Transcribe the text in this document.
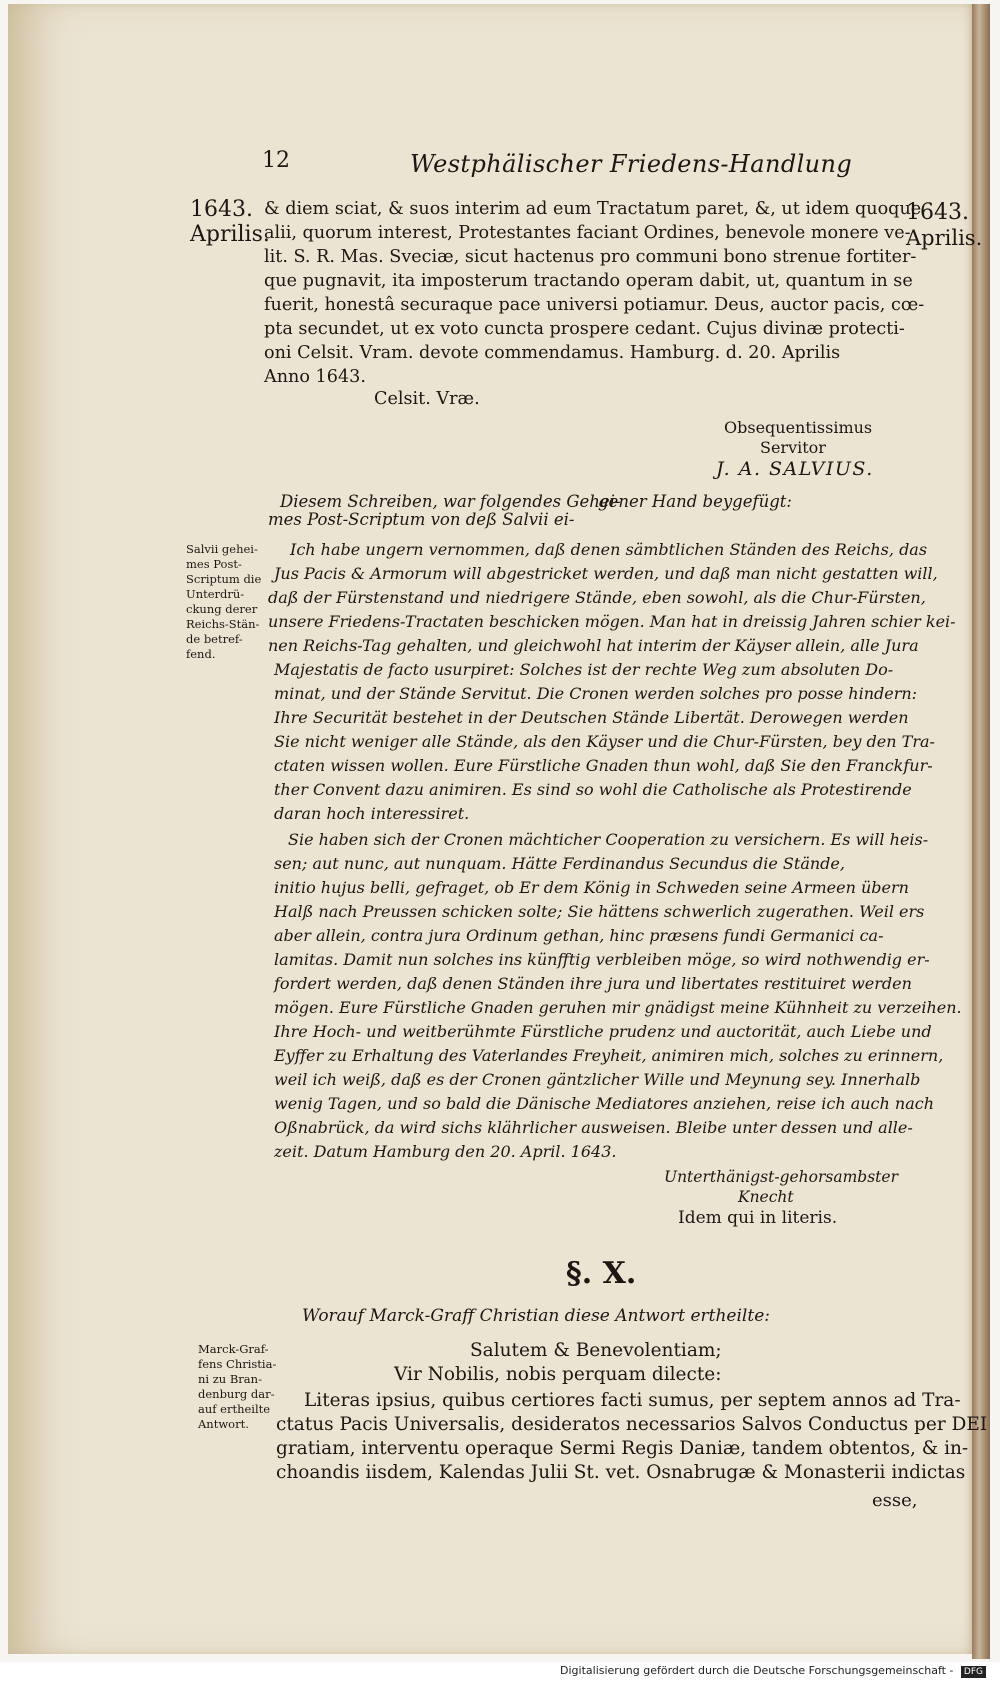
12	Westphälischer Friedens-Handlung
1643.
Aprilis.
1643.
Aprilis.
& diem sciat, & suos interim ad eum Tractatum paret, &, ut idem quoque
alii, quorum interest, Protestantes faciant Ordines, benevole monere ve-
lit. S. R. Mas. Sveciæ, sicut hactenus pro communi bono strenue fortiter-
que pugnavit, ita imposterum tractando operam dabit, ut, quantum in se
fuerit, honestâ securaque pace universi potiamur. Deus, auctor pacis, cœ-
pta secundet, ut ex voto cuncta prospere cedant. Cujus divinæ protecti-
oni Celsit. Vram. devote commendamus. Hamburg. d. 20. Aprilis
Anno 1643.
Celsit. Vræ.
Obsequentissimus
Servitor
J. A. SALVIUS.
Diesem Schreiben, war folgendes Gehei-
gener Hand beygefügt:
mes Post-Scriptum von deß Salvii ei-
Salvii gehei-
mes Post-
Scriptum die
Unterdrü-
ckung derer
Reichs-Stän-
de betref-
fend.
Ich habe ungern vernommen, daß denen sämbtlichen Ständen des Reichs, das
Jus Pacis & Armorum will abgestricket werden, und daß man nicht gestatten will,
daß der Fürstenstand und niedrigere Stände, eben sowohl, als die Chur-Fürsten,
unsere Friedens-Tractaten beschicken mögen. Man hat in dreissig Jahren schier kei-
nen Reichs-Tag gehalten, und gleichwohl hat interim der Käyser allein, alle Jura
Majestatis de facto usurpiret: Solches ist der rechte Weg zum absoluten Do-
minat, und der Stände Servitut. Die Cronen werden solches pro posse hindern:
Ihre Securität bestehet in der Deutschen Stände Libertät. Derowegen werden
Sie nicht weniger alle Stände, als den Käyser und die Chur-Fürsten, bey den Tra-
ctaten wissen wollen. Eure Fürstliche Gnaden thun wohl, daß Sie den Franckfur-
ther Convent dazu animiren. Es sind so wohl die Catholische als Protestirende
daran hoch interessiret.
Sie haben sich der Cronen mächticher Cooperation zu versichern. Es will heis-
sen; aut nunc, aut nunquam. Hätte Ferdinandus Secundus die Stände,
initio hujus belli, gefraget, ob Er dem König in Schweden seine Armeen übern
Halß nach Preussen schicken solte; Sie hättens schwerlich zugerathen. Weil ers
aber allein, contra jura Ordinum gethan, hinc præsens fundi Germanici ca-
lamitas. Damit nun solches ins künfftig verbleiben möge, so wird nothwendig er-
fordert werden, daß denen Ständen ihre jura und libertates restituiret werden
mögen. Eure Fürstliche Gnaden geruhen mir gnädigst meine Kühnheit zu verzeihen.
Ihre Hoch- und weitberühmte Fürstliche prudenz und auctorität, auch Liebe und
Eyffer zu Erhaltung des Vaterlandes Freyheit, animiren mich, solches zu erinnern,
weil ich weiß, daß es der Cronen gäntzlicher Wille und Meynung sey. Innerhalb
wenig Tagen, und so bald die Dänische Mediatores anziehen, reise ich auch nach
Oßnabrück, da wird sichs klährlicher ausweisen. Bleibe unter dessen und alle-
zeit. Datum Hamburg den 20. April. 1643.
Unterthänigst-gehorsambster
Knecht
Idem qui in literis.
§. X.
Worauf Marck-Graff Christian diese Antwort ertheilte:
Salutem & Benevolentiam;
Vir Nobilis, nobis perquam dilecte:
Marck-Graf-
fens Christia-
ni zu Bran-
denburg dar-
auf ertheilte
Antwort.
Literas ipsius, quibus certiores facti sumus, per septem annos ad Tra-
ctatus Pacis Universalis, desideratos necessarios Salvos Conductus per DEI
gratiam, interventu operaque Sermi Regis Daniæ, tandem obtentos, & in-
choandis iisdem, Kalendas Julii St. vet. Osnabrugæ & Monasterii indictas
esse,
Digitalisierung gefördert durch die Deutsche Forschungsgemeinschaft - DFG
